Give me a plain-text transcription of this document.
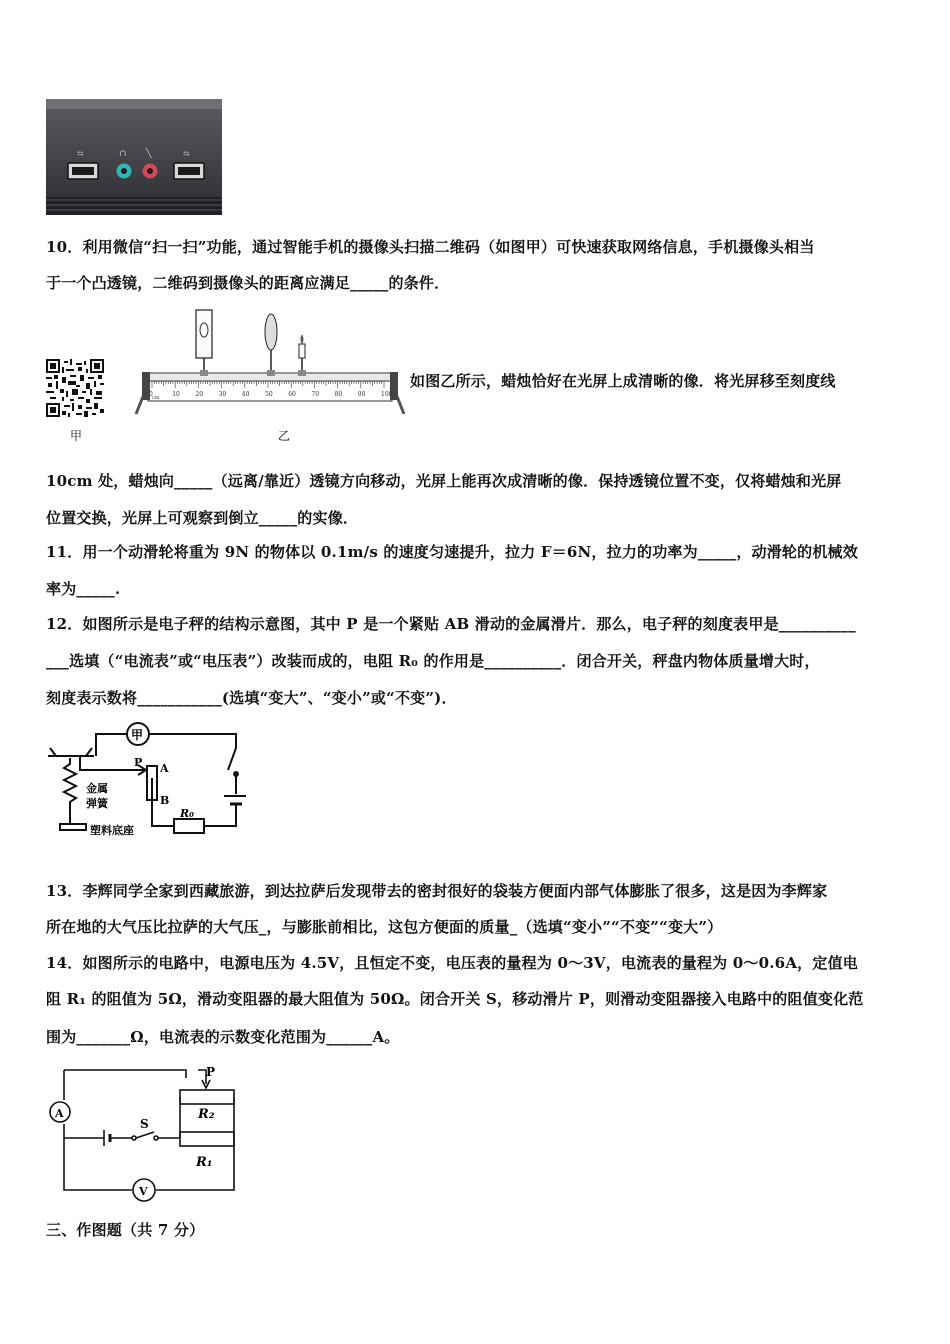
⇆	∩ ╲	⇆
10．利用微信“扫一扫”功能，通过智能手机的摄像头扫描二维码（如图甲）可快速获取网络信息，手机摄像头相当
于一个凸透镜，二维码到摄像头的距离应满足_____的条件．
甲
0	10	20	30	40	50	60	70	80	90	100
cm
乙
如图乙所示，蜡烛恰好在光屏上成清晰的像．将光屏移至刻度线
10cm 处，蜡烛向_____（远离/靠近）透镜方向移动，光屏上能再次成清晰的像．保持透镜位置不变，仅将蜡烛和光屏
位置交换，光屏上可观察到倒立_____的实像．
11．用一个动滑轮将重为 9N 的物体以 0.1m/s 的速度匀速提升，拉力 F＝6N，拉力的功率为_____，动滑轮的机械效
率为_____.
12．如图所示是电子秤的结构示意图，其中 P 是一个紧贴 AB 滑动的金属滑片．那么，电子秤的刻度表甲是__________
___选填（“电流表”或“电压表”）改装而成的，电阻 R₀ 的作用是__________．闭合开关，秤盘内物体质量增大时，
刻度表示数将___________(选填“变大”、“变小”或“不变”)．
甲
A
B
P
金属
弹簧
塑料底座
R₀
13．李辉同学全家到西藏旅游，到达拉萨后发现带去的密封很好的袋装方便面内部气体膨胀了很多，这是因为李辉家
所在地的大气压比拉萨的大气压_，与膨胀前相比，这包方便面的质量_（选填“变小”“不变”“变大”）
14．如图所示的电路中，电源电压为 4.5V，且恒定不变，电压表的量程为 0～3V，电流表的量程为 0～0.6A，定值电
阻 R₁ 的阻值为 5Ω，滑动变阻器的最大阻值为 50Ω。闭合开关 S，移动滑片 P，则滑动变阻器接入电路中的阻值变化范
围为_______Ω，电流表的示数变化范围为______A。
P
R₂
S
R₁
A
V
三、作图题（共 7 分）
